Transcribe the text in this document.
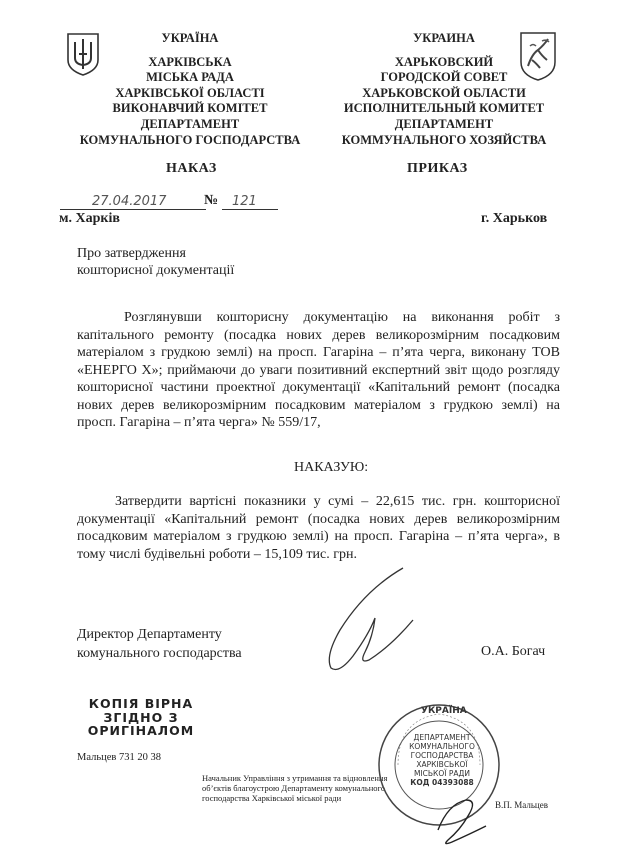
УКРАЇНА
ХАРКІВСЬКА
МІСЬКА РАДА
ХАРКІВСЬКОЇ ОБЛАСТІ
ВИКОНАВЧИЙ КОМІТЕТ
ДЕПАРТАМЕНТ
КОМУНАЛЬНОГО ГОСПОДАРСТВА
УКРАИНА
ХАРЬКОВСКИЙ
ГОРОДСКОЙ СОВЕТ
ХАРЬКОВСКОЙ ОБЛАСТИ
ИСПОЛНИТЕЛЬНЫЙ КОМИТЕТ
ДЕПАРТАМЕНТ
КОММУНАЛЬНОГО ХОЗЯЙСТВА
НАКАЗ	ПРИКАЗ
27.04.2017	№ 121
м. Харків	г. Харьков
Про затвердження
кошторисної документації
Розглянувши кошторисну документацію на виконання робіт з капітального ремонту (посадка нових дерев великорозмірним посадковим матеріалом з грудкою землі) на просп. Гагаріна – п’ята черга, виконану ТОВ «ЕНЕРГО Х»; приймаючи до уваги позитивний експертний звіт щодо розгляду кошторисної частини проектної документації «Капітальний ремонт (посадка нових дерев великорозмірним посадковим матеріалом з грудкою землі) на просп. Гагаріна – п’ята черга» № 559/17,
НАКАЗУЮ:
Затвердити вартісні показники у сумі – 22,615 тис. грн. кошторисної документації «Капітальний ремонт (посадка нових дерев великорозмірним посадковим матеріалом з грудкою землі) на просп. Гагаріна – п’ята черга», в тому числі будівельні роботи – 15,109 тис. грн.
Директор Департаменту
комунального господарства	О.А. Богач
КОПІЯ ВІРНА
ЗГІДНО З
ОРИГІНАЛОМ
Мальцев 731 20 38
Начальник Управління з утримання та відновлення
об’єктів благоустрою Департаменту комунального
господарства Харківської міської ради
В.П. Мальцев
УКРАЇНА
ДЕПАРТАМЕНТ
КОМУНАЛЬНОГО
ГОСПОДАРСТВА
ХАРКІВСЬКОЇ
МІСЬКОЇ РАДИ
КОД 04393088
